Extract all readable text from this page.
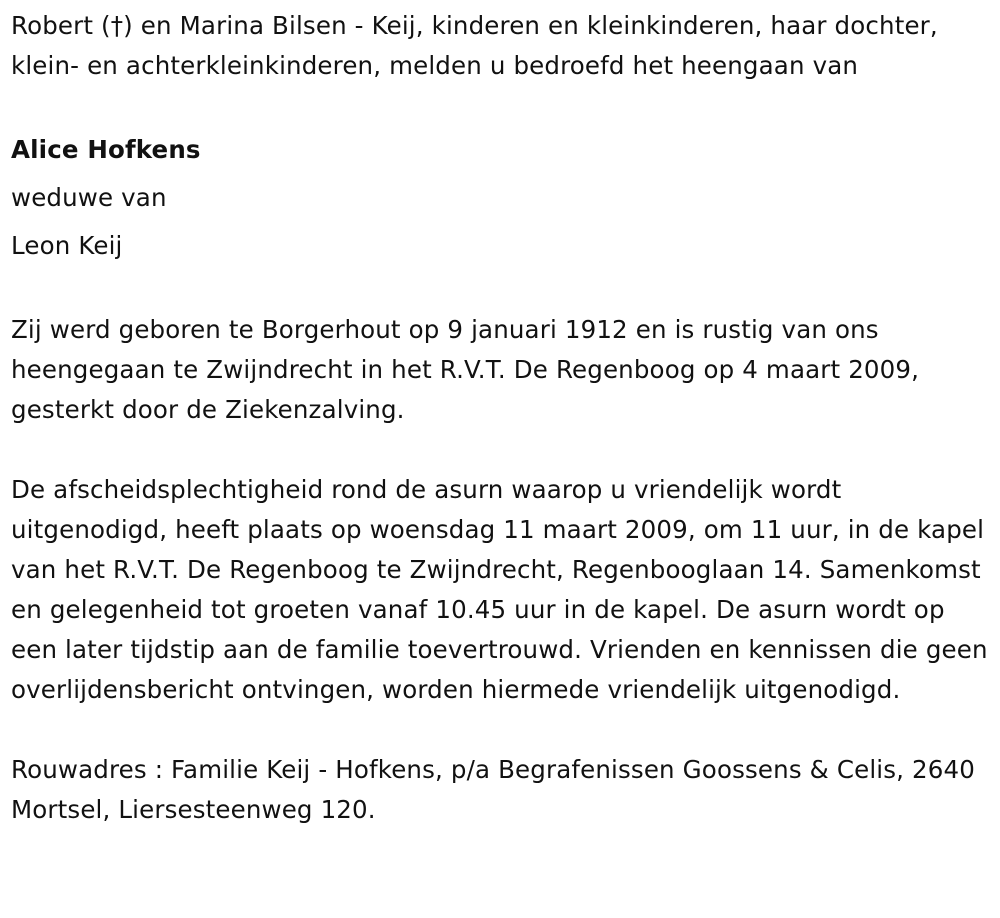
Robert (†) en Marina Bilsen - Keij, kinderen en kleinkinderen, haar dochter, klein- en achterkleinkinderen, melden u bedroefd het heengaan van

Alice Hofkens

weduwe van

Leon Keij

Zij werd geboren te Borgerhout op 9 januari 1912 en is rustig van ons heengegaan te Zwijndrecht in het R.V.T. De Regenboog op 4 maart 2009, gesterkt door de Ziekenzalving.

De afscheidsplechtigheid rond de asurn waarop u vriendelijk wordt uitgenodigd, heeft plaats op woensdag 11 maart 2009, om 11 uur, in de kapel van het R.V.T. De Regenboog te Zwijndrecht, Regenbooglaan 14. Samenkomst en gelegenheid tot groeten vanaf 10.45 uur in de kapel. De asurn wordt op een later tijdstip aan de familie toevertrouwd. Vrienden en kennissen die geen overlijdensbericht ontvingen, worden hiermede vriendelijk uitgenodigd.

Rouwadres : Familie Keij - Hofkens, p/a Begrafenissen Goossens & Celis, 2640 Mortsel, Liersesteenweg 120.
